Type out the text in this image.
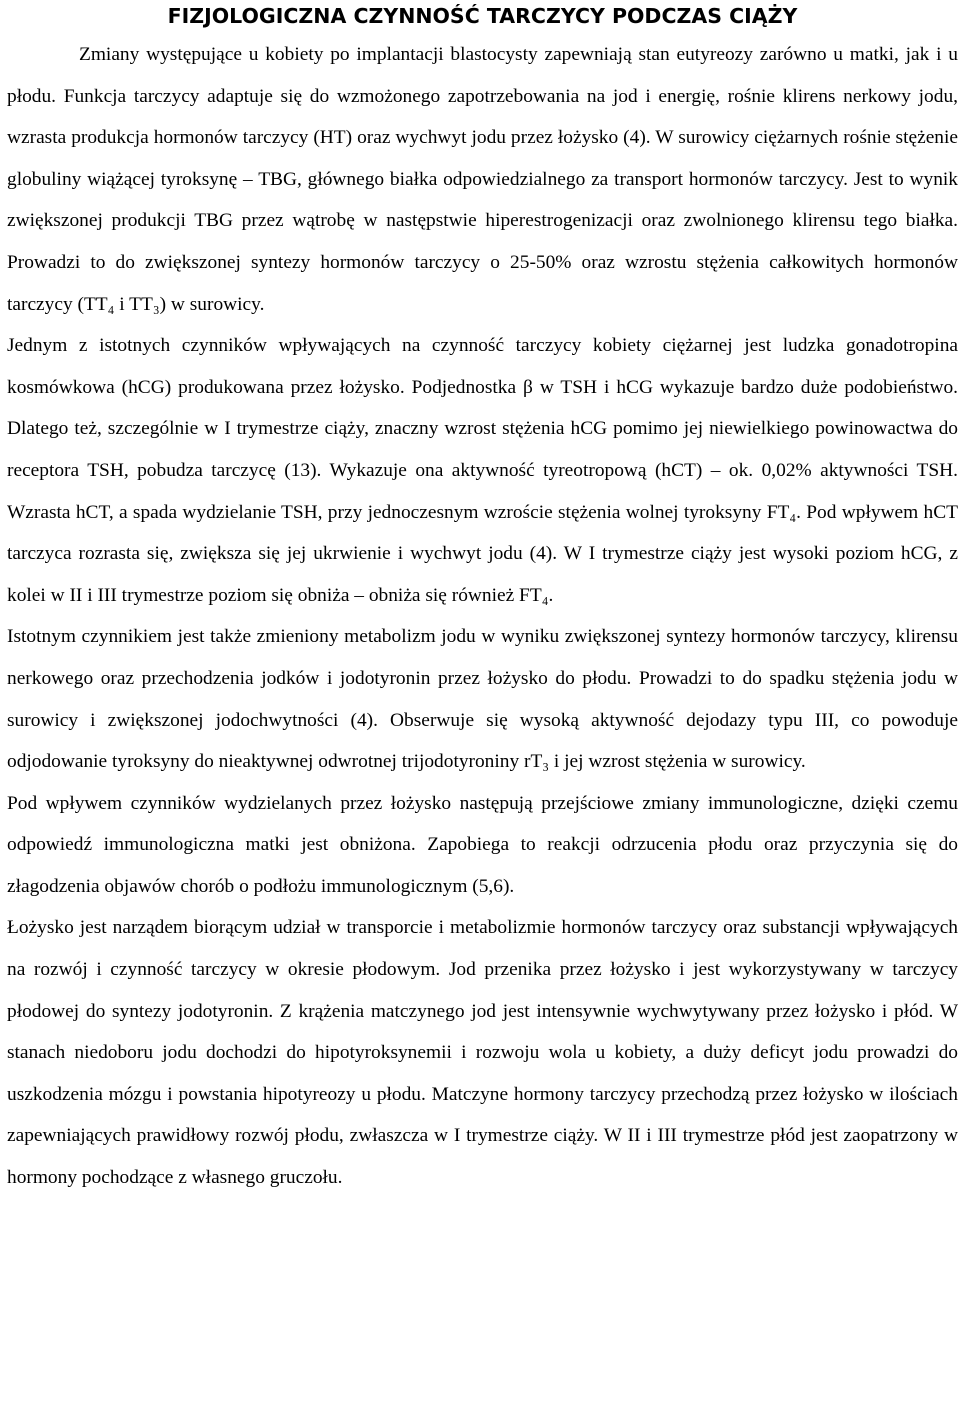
FIZJOLOGICZNA CZYNNOŚĆ TARCZYCY PODCZAS CIĄŻY

Zmiany występujące u kobiety po implantacji blastocysty zapewniają stan eutyreozy zarówno u matki, jak i u płodu. Funkcja tarczycy adaptuje się do wzmożonego zapotrzebowania na jod i energię, rośnie klirens nerkowy jodu, wzrasta produkcja hormonów tarczycy (HT) oraz wychwyt jodu przez łożysko (4). W surowicy ciężarnych rośnie stężenie globuliny wiążącej tyroksynę – TBG, głównego białka odpowiedzialnego za transport hormonów tarczycy. Jest to wynik zwiększonej produkcji TBG przez wątrobę w następstwie hiperestrogenizacji oraz zwolnionego klirensu tego białka. Prowadzi to do zwiększonej syntezy hormonów tarczycy o 25-50% oraz wzrostu stężenia całkowitych hormonów tarczycy (TT₄ i TT₃) w surowicy.

Jednym z istotnych czynników wpływających na czynność tarczycy kobiety ciężarnej jest ludzka gonadotropina kosmówkowa (hCG) produkowana przez łożysko. Podjednostka β w TSH i hCG wykazuje bardzo duże podobieństwo. Dlatego też, szczególnie w I trymestrze ciąży, znaczny wzrost stężenia hCG pomimo jej niewielkiego powinowactwa do receptora TSH, pobudza tarczycę (13). Wykazuje ona aktywność tyreotropową (hCT) – ok. 0,02% aktywności TSH. Wzrasta hCT, a spada wydzielanie TSH, przy jednoczesnym wzroście stężenia wolnej tyroksyny FT₄. Pod wpływem hCT tarczyca rozrasta się, zwiększa się jej ukrwienie i wychwyt jodu (4). W I trymestrze ciąży jest wysoki poziom hCG, z kolei w II i III trymestrze poziom się obniża – obniża się również FT₄.

Istotnym czynnikiem jest także zmieniony metabolizm jodu w wyniku zwiększonej syntezy hormonów tarczycy, klirensu nerkowego oraz przechodzenia jodków i jodotyronin przez łożysko do płodu. Prowadzi to do spadku stężenia jodu w surowicy i zwiększonej jodochwytności (4). Obserwuje się wysoką aktywność dejodazy typu III, co powoduje odjodowanie tyroksyny do nieaktywnej odwrotnej trijodotyroniny rT₃ i jej wzrost stężenia w surowicy.

Pod wpływem czynników wydzielanych przez łożysko następują przejściowe zmiany immunologiczne, dzięki czemu odpowiedź immunologiczna matki jest obniżona. Zapobiega to reakcji odrzucenia płodu oraz przyczynia się do złagodzenia objawów chorób o podłożu immunologicznym (5,6).

Łożysko jest narządem biorącym udział w transporcie i metabolizmie hormonów tarczycy oraz substancji wpływających na rozwój i czynność tarczycy w okresie płodowym. Jod przenika przez łożysko i jest wykorzystywany w tarczycy płodowej do syntezy jodotyronin. Z krążenia matczynego jod jest intensywnie wychwytywany przez łożysko i płód. W stanach niedoboru jodu dochodzi do hipotyroksynemii i rozwoju wola u kobiety, a duży deficyt jodu prowadzi do uszkodzenia mózgu i powstania hipotyreozy u płodu. Matczyne hormony tarczycy przechodzą przez łożysko w ilościach zapewniających prawidłowy rozwój płodu, zwłaszcza w I trymestrze ciąży. W II i III trymestrze płód jest zaopatrzony w hormony pochodzące z własnego gruczołu.
